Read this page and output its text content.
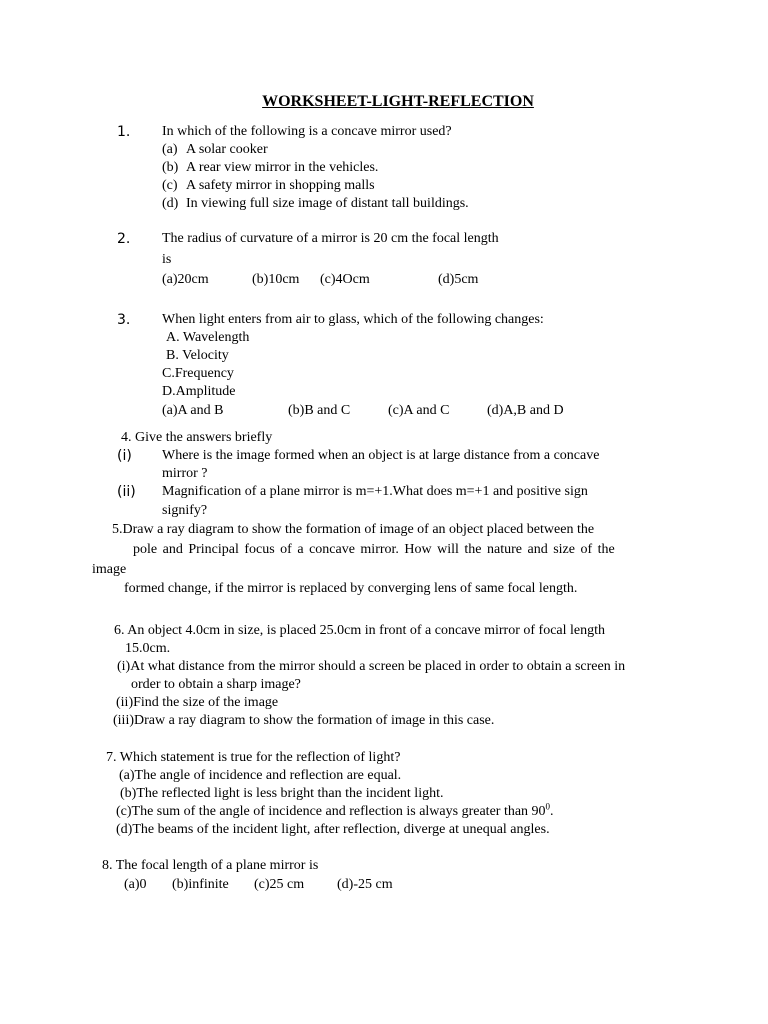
WORKSHEET-LIGHT-REFLECTION
1. In which of the following is a concave mirror used?
(a) A solar cooker
(b) A rear view mirror in the vehicles.
(c) A safety mirror in shopping malls
(d) In viewing full size image of distant tall buildings.
2. The radius of curvature of a mirror is 20 cm the focal length
is
(a)20cm	(b)10cm (c)4Ocm	(d)5cm
3. When light enters from air to glass, which of the following changes:
A. Wavelength
B. Velocity
C.Frequency
D.Amplitude
(a)A and B	(b)B and C	(c)A and C	(d)A,B and D
4. Give the answers briefly
(i) Where is the image formed when an object is at large distance from a concave
mirror ?
(ii) Magnification of a plane mirror is m=+1.What does m=+1 and positive sign
signify?
5.Draw a ray diagram to show the formation of image of an object placed between the
pole and Principal focus of a concave mirror. How will the nature and size of the
image
formed change, if the mirror is replaced by converging lens of same focal length.
6. An object 4.0cm in size, is placed 25.0cm in front of a concave mirror of focal length
15.0cm.
(i)At what distance from the mirror should a screen be placed in order to obtain a screen in
order to obtain a sharp image?
(ii)Find the size of the image
(iii)Draw a ray diagram to show the formation of image in this case.
7. Which statement is true for the reflection of light?
(a)The angle of incidence and reflection are equal.
(b)The reflected light is less bright than the incident light.
(c)The sum of the angle of incidence and reflection is always greater than $90^0$.
(d)The beams of the incident light, after reflection, diverge at unequal angles.
8. The focal length of a plane mirror is
(a)0 (b)infinite (c)25 cm (d)-25 cm
